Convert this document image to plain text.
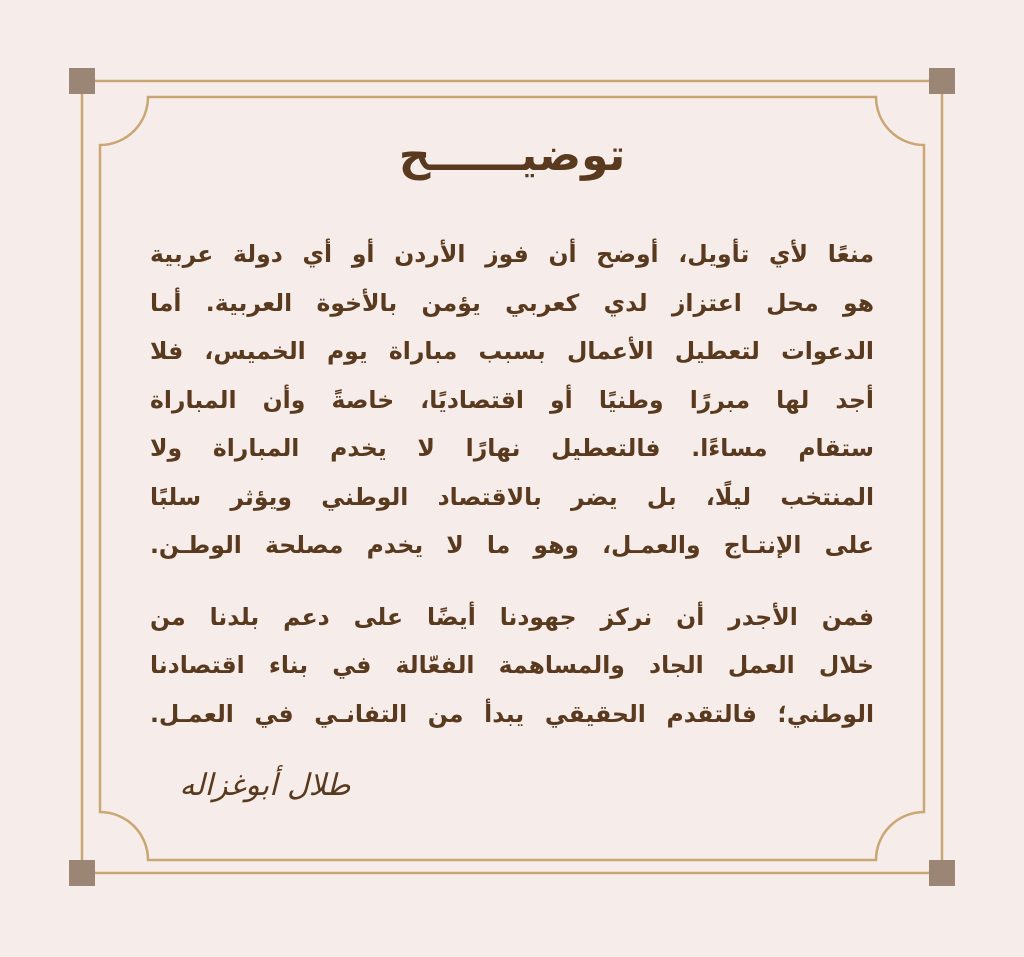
توضيــــــح

منعًا لأي تأويل، أوضح أن فوز الأردن أو أي دولة عربية
هو محل اعتزاز لدي كعربي يؤمن بالأخوة العربية. أما
الدعوات لتعطيل الأعمال بسبب مباراة يوم الخميس، فلا
أجد لها مبررًا وطنيًا أو اقتصاديًا، خاصةً وأن المباراة
ستقام مساءًا. فالتعطيل نهارًا لا يخدم المباراة ولا
المنتخب ليلًا، بل يضر بالاقتصاد الوطني ويؤثر سلبًا
على الإنتـاج والعمـل، وهو ما لا يخدم مصلحة الوطـن.

فمن الأجدر أن نركز جهودنا أيضًا على دعم بلدنا من
خلال العمل الجاد والمساهمة الفعّالة في بناء اقتصادنا
الوطني؛ فالتقدم الحقيقي يبدأ من التفانـي في العمـل.

طلال أبوغزاله
